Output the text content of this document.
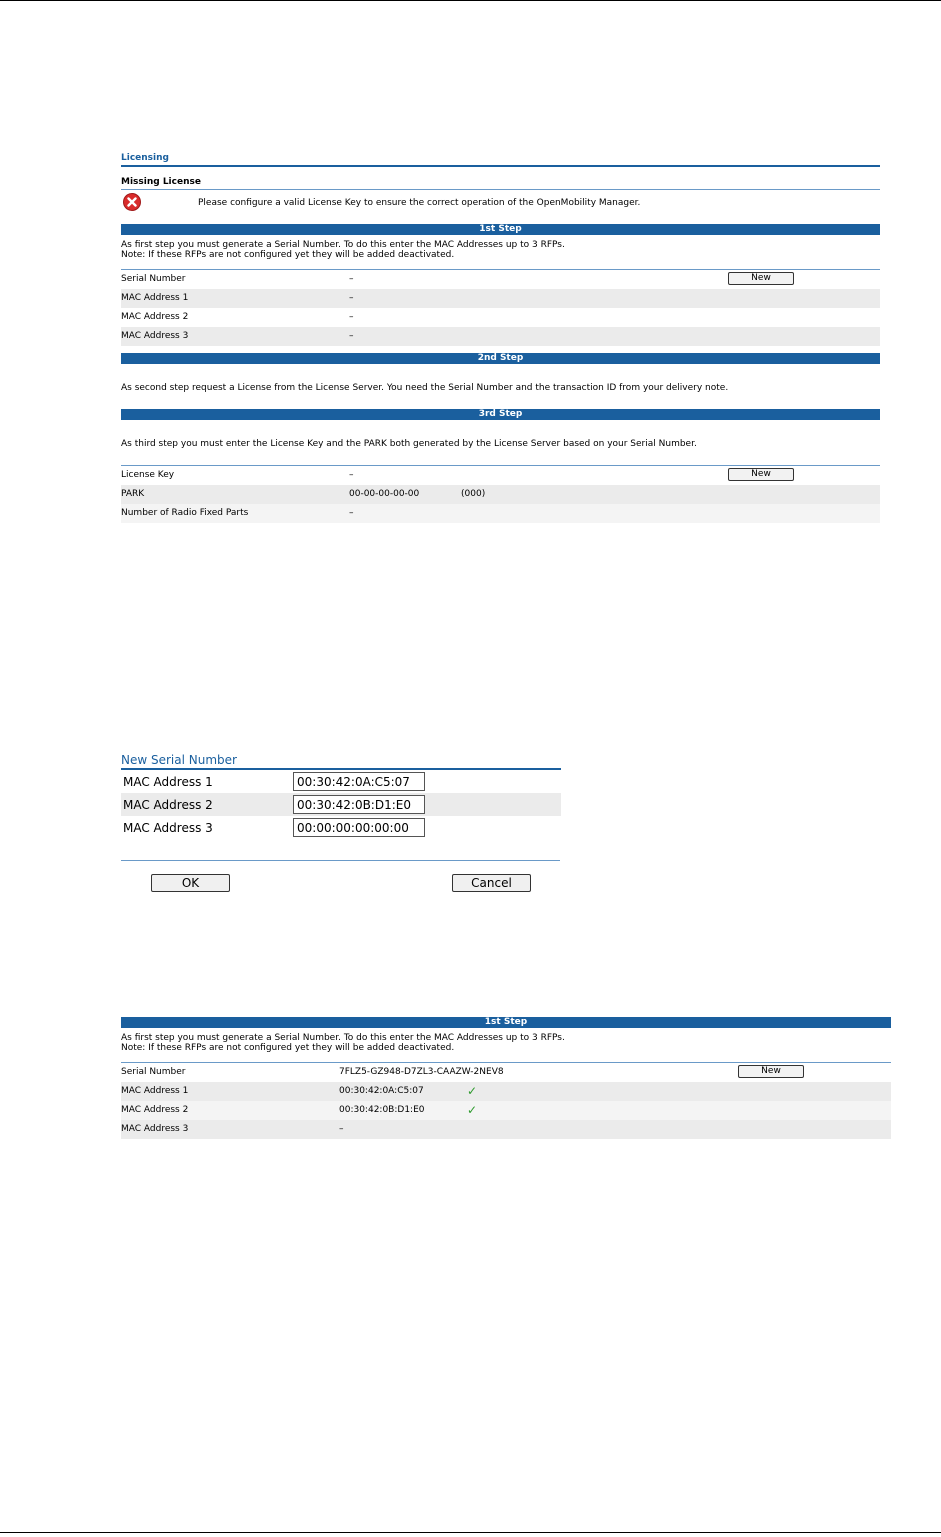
Licensing
Missing License
Please configure a valid License Key to ensure the correct operation of the OpenMobility Manager.
1st Step
As first step you must generate a Serial Number. To do this enter the MAC Addresses up to 3 RFPs.
Note: If these RFPs are not configured yet they will be added deactivated.
Serial Number	–	New
MAC Address 1	–
MAC Address 2	–
MAC Address 3	–
2nd Step
As second step request a License from the License Server. You need the Serial Number and the transaction ID from your delivery note.
3rd Step
As third step you must enter the License Key and the PARK both generated by the License Server based on your Serial Number.
License Key	–	New
PARK	00-00-00-00-00	(000)
Number of Radio Fixed Parts	–
New Serial Number
MAC Address 1
00:30:42:0A:C5:07
MAC Address 2
00:30:42:0B:D1:E0
MAC Address 3
00:00:00:00:00:00
OK	Cancel
1st Step
As first step you must generate a Serial Number. To do this enter the MAC Addresses up to 3 RFPs.
Note: If these RFPs are not configured yet they will be added deactivated.
Serial Number	7FLZ5-GZ948-D7ZL3-CAAZW-2NEV8	New
MAC Address 1	00:30:42:0A:C5:07	✓
MAC Address 2	00:30:42:0B:D1:E0	✓
MAC Address 3	–
